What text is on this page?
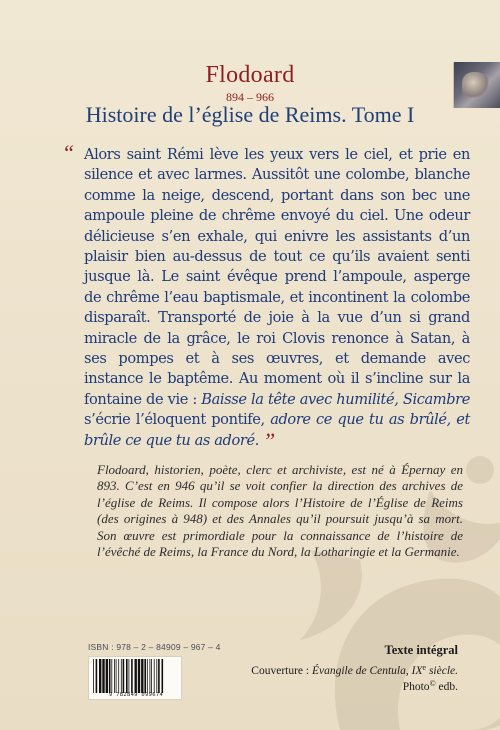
Flodoard
894 – 966
Histoire de l’église de Reims. Tome I
“ Alors saint Rémi lève les yeux vers le ciel, et prie en silence et avec larmes. Aussitôt une colombe, blanche comme la neige, descend, portant dans son bec une ampoule pleine de chrême envoyé du ciel. Une odeur délicieuse s’en exhale, qui enivre les assistants d’un plaisir bien au-dessus de tout ce qu’ils avaient senti jusque là. Le saint évêque prend l’ampoule, asperge de chrême l’eau baptismale, et incontinent la colombe disparaît. Transporté de joie à la vue d’un si grand miracle de la grâce, le roi Clovis renonce à Satan, à ses pompes et à ses œuvres, et demande avec instance le baptême. Au moment où il s’incline sur la fontaine de vie : Baisse la tête avec humilité, Sicambre s’écrie l’éloquent pontife, adore ce que tu as brûlé, et brûle ce que tu as adoré. ”
Flodoard, historien, poète, clerc et archiviste, est né à Épernay en 893. C’est en 946 qu’il se voit confier la direction des archives de l’église de Reims. Il compose alors l’Histoire de l’Église de Reims (des origines à 948) et des Annales qu’il poursuit jusqu’à sa mort. Son œuvre est primordiale pour la connaissance de l’histoire de l’évêché de Reims, la France du Nord, la Lotharingie et la Germanie.
ISBN : 978 – 2 – 84909 – 967 – 4
9 782849 099674
Texte intégral
Couverture : Évangile de Centula, IXe siècle.
Photo© edb.
